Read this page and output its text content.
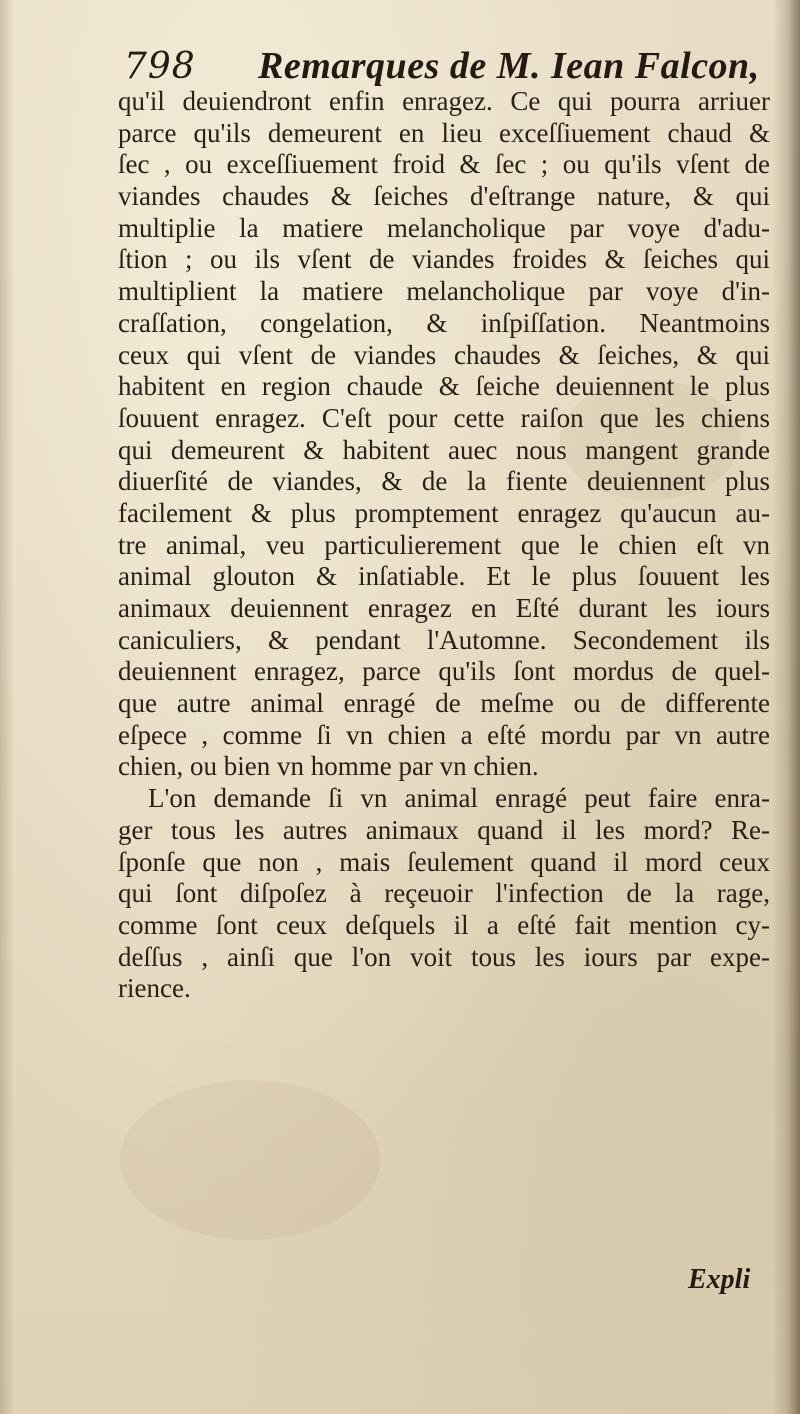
798 Remarques de M. Iean Falcon,
qu'il deuiendront enfin enragez. Ce qui pourra arriuer
parce qu'ils demeurent en lieu exceſſiuement chaud &
ſec , ou exceſſiuement froid & ſec ; ou qu'ils vſent de
viandes chaudes & ſeiches d'eſtrange nature, & qui
multiplie la matiere melancholique par voye d'adu-
ſtion ; ou ils vſent de viandes froides & ſeiches qui
multiplient la matiere melancholique par voye d'in-
craſſation, congelation, & inſpiſſation. Neantmoins
ceux qui vſent de viandes chaudes & ſeiches, & qui
habitent en region chaude & ſeiche deuiennent le plus
ſouuent enragez. C'eſt pour cette raiſon que les chiens
qui demeurent & habitent auec nous mangent grande
diuerſité de viandes, & de la fiente deuiennent plus
facilement & plus promptement enragez qu'aucun au-
tre animal, veu particulierement que le chien eſt vn
animal glouton & inſatiable. Et le plus ſouuent les
animaux deuiennent enragez en Eſté durant les iours
caniculiers, & pendant l'Automne. Secondement ils
deuiennent enragez, parce qu'ils ſont mordus de quel-
que autre animal enragé de meſme ou de differente
eſpece , comme ſi vn chien a eſté mordu par vn autre
chien, ou bien vn homme par vn chien.
L'on demande ſi vn animal enragé peut faire enra-
ger tous les autres animaux quand il les mord? Re-
ſponſe que non , mais ſeulement quand il mord ceux
qui ſont diſpoſez à reçeuoir l'infection de la rage,
comme ſont ceux deſquels il a eſté fait mention cy-
deſſus , ainſi que l'on voit tous les iours par expe-
rience.
Expli
